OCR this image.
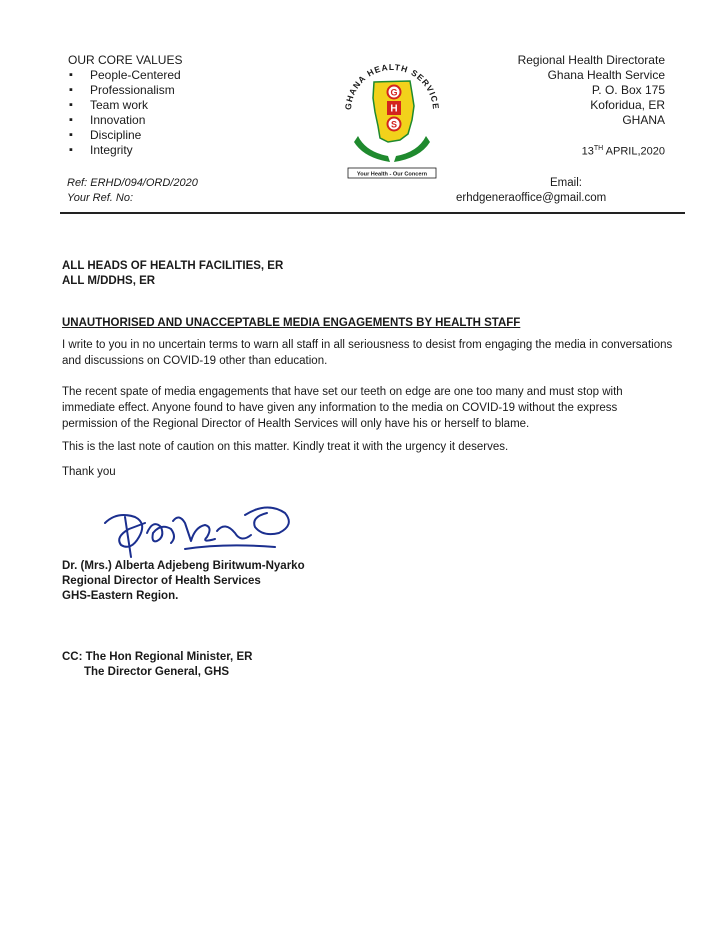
OUR CORE VALUES
▪ People-Centered
▪ Professionalism
▪ Team work
▪ Innovation
▪ Discipline
▪ Integrity
Ref: ERHD/094/ORD/2020
Your Ref. No:
GHANA HEALTH SERVICE
G
H
S
Your Health - Our Concern
Regional Health Directorate
Ghana Health Service
P. O. Box 175
Koforidua, ER
GHANA
13TH APRIL,2020
Email:
erhdgeneraoffice@gmail.com
ALL HEADS OF HEALTH FACILITIES, ER
ALL M/DDHS, ER
UNAUTHORISED AND UNACCEPTABLE MEDIA ENGAGEMENTS BY HEALTH STAFF
I write to you in no uncertain terms to warn all staff in all seriousness to desist from engaging the media in conversations and discussions on COVID-19 other than education.
The recent spate of media engagements that have set our teeth on edge are one too many and must stop with immediate effect. Anyone found to have given any information to the media on COVID-19 without the express permission of the Regional Director of Health Services will only have his or herself to blame.
This is the last note of caution on this matter. Kindly treat it with the urgency it deserves.
Thank you
Dr. (Mrs.) Alberta Adjebeng Biritwum-Nyarko
Regional Director of Health Services
GHS-Eastern Region.
CC: The Hon Regional Minister, ER
The Director General, GHS
